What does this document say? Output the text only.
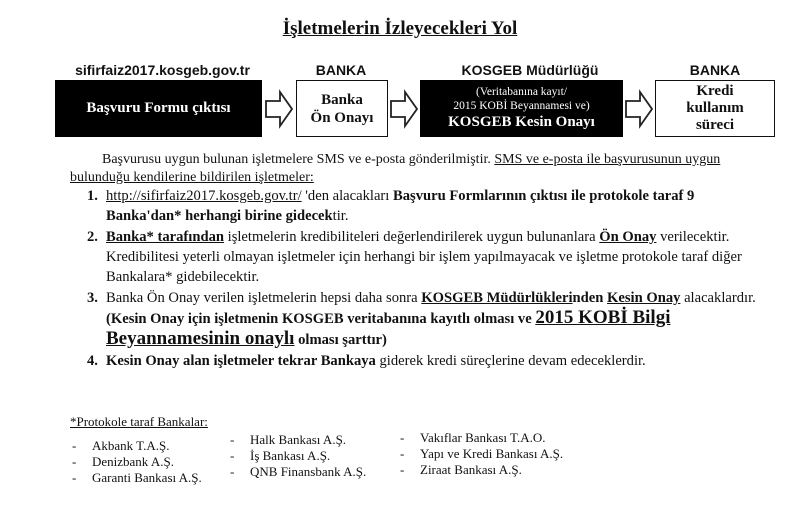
İşletmelerin İzleyecekleri Yol
sifirfaiz2017.kosgeb.gov.tr	BANKA	KOSGEB Müdürlüğü	BANKA
Başvuru Formu çıktısı
Banka
Ön Onayı
(Veritabanına kayıt/
2015 KOBİ Beyannamesi ve)
KOSGEB Kesin Onayı
Kredi
kullanım
süreci
Başvurusu uygun bulunan işletmelere SMS ve e-posta gönderilmiştir. SMS ve e-posta ile başvurusunun uygun bulunduğu kendilerine bildirilen işletmeler:
1. http://sifirfaiz2017.kosgeb.gov.tr/ 'den alacakları Başvuru Formlarının çıktısı ile protokole taraf 9 Banka'dan* herhangi birine gidecektir.
2. Banka* tarafından işletmelerin kredibiliteleri değerlendirilerek uygun bulunanlara Ön Onay verilecektir. Kredibilitesi yeterli olmayan işletmeler için herhangi bir işlem yapılmayacak ve işletme protokole taraf diğer Bankalara* gidebilecektir.
3. Banka Ön Onay verilen işletmelerin hepsi daha sonra KOSGEB Müdürlüklerinden Kesin Onay alacaklardır. (Kesin Onay için işletmenin KOSGEB veritabanına kayıtlı olması ve 2015 KOBİ Bilgi Beyannamesinin onaylı olması şarttır)
4. Kesin Onay alan işletmeler tekrar Bankaya giderek kredi süreçlerine devam edeceklerdir.
*Protokole taraf Bankalar:
-	Akbank T.A.Ş.
-	Denizbank A.Ş.
-	Garanti Bankası A.Ş.
-	Halk Bankası A.Ş.
-	İş Bankası A.Ş.
-	QNB Finansbank A.Ş.
-	Vakıflar Bankası T.A.O.
-	Yapı ve Kredi Bankası A.Ş.
-	Ziraat Bankası A.Ş.
